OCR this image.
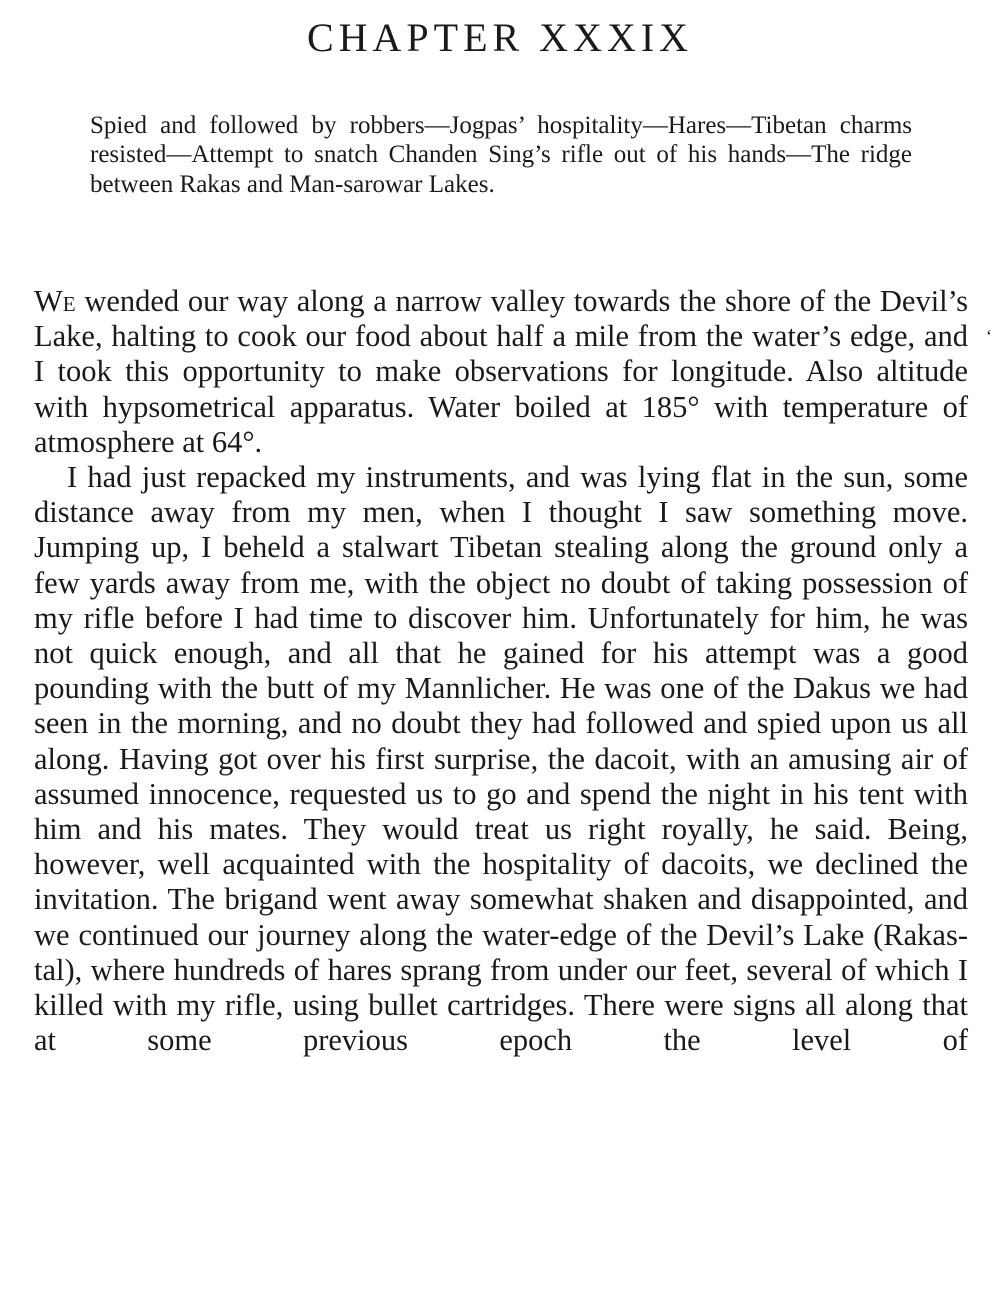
CHAPTER XXXIX

Spied and followed by robbers—Jogpas’ hospitality—Hares—Tibetan charms resisted—Attempt to snatch Chanden Sing’s rifle out of his hands—The ridge between Rakas and Man-sarowar Lakes.

We wended our way along a narrow valley towards the shore of the Devil’s Lake, halting to cook our food about half a mile from the water’s edge, and I took this opportunity to make observations for longitude. Also altitude with hypsometrical apparatus. Water boiled at 185° with temperature of atmosphere at 64°.

I had just repacked my instruments, and was lying flat in the sun, some distance away from my men, when I thought I saw something move. Jumping up, I beheld a stalwart Tibetan stealing along the ground only a few yards away from me, with the object no doubt of taking possession of my rifle before I had time to discover him. Unfortunately for him, he was not quick enough, and all that he gained for his attempt was a good pounding with the butt of my Mannlicher. He was one of the Dakus we had seen in the morning, and no doubt they had followed and spied upon us all along. Having got over his first surprise, the dacoit, with an amusing air of assumed innocence, requested us to go and spend the night in his tent with him and his mates. They would treat us right royally, he said. Being, however, well acquainted with the hospitality of dacoits, we declined the invitation. The brigand went away somewhat shaken and disappointed, and we continued our journey along the water-edge of the Devil’s Lake (Rakas-tal), where hundreds of hares sprang from under our feet, several of which I killed with my rifle, using bullet cartridges. There were signs all along that at some previous epoch the level of

‘
